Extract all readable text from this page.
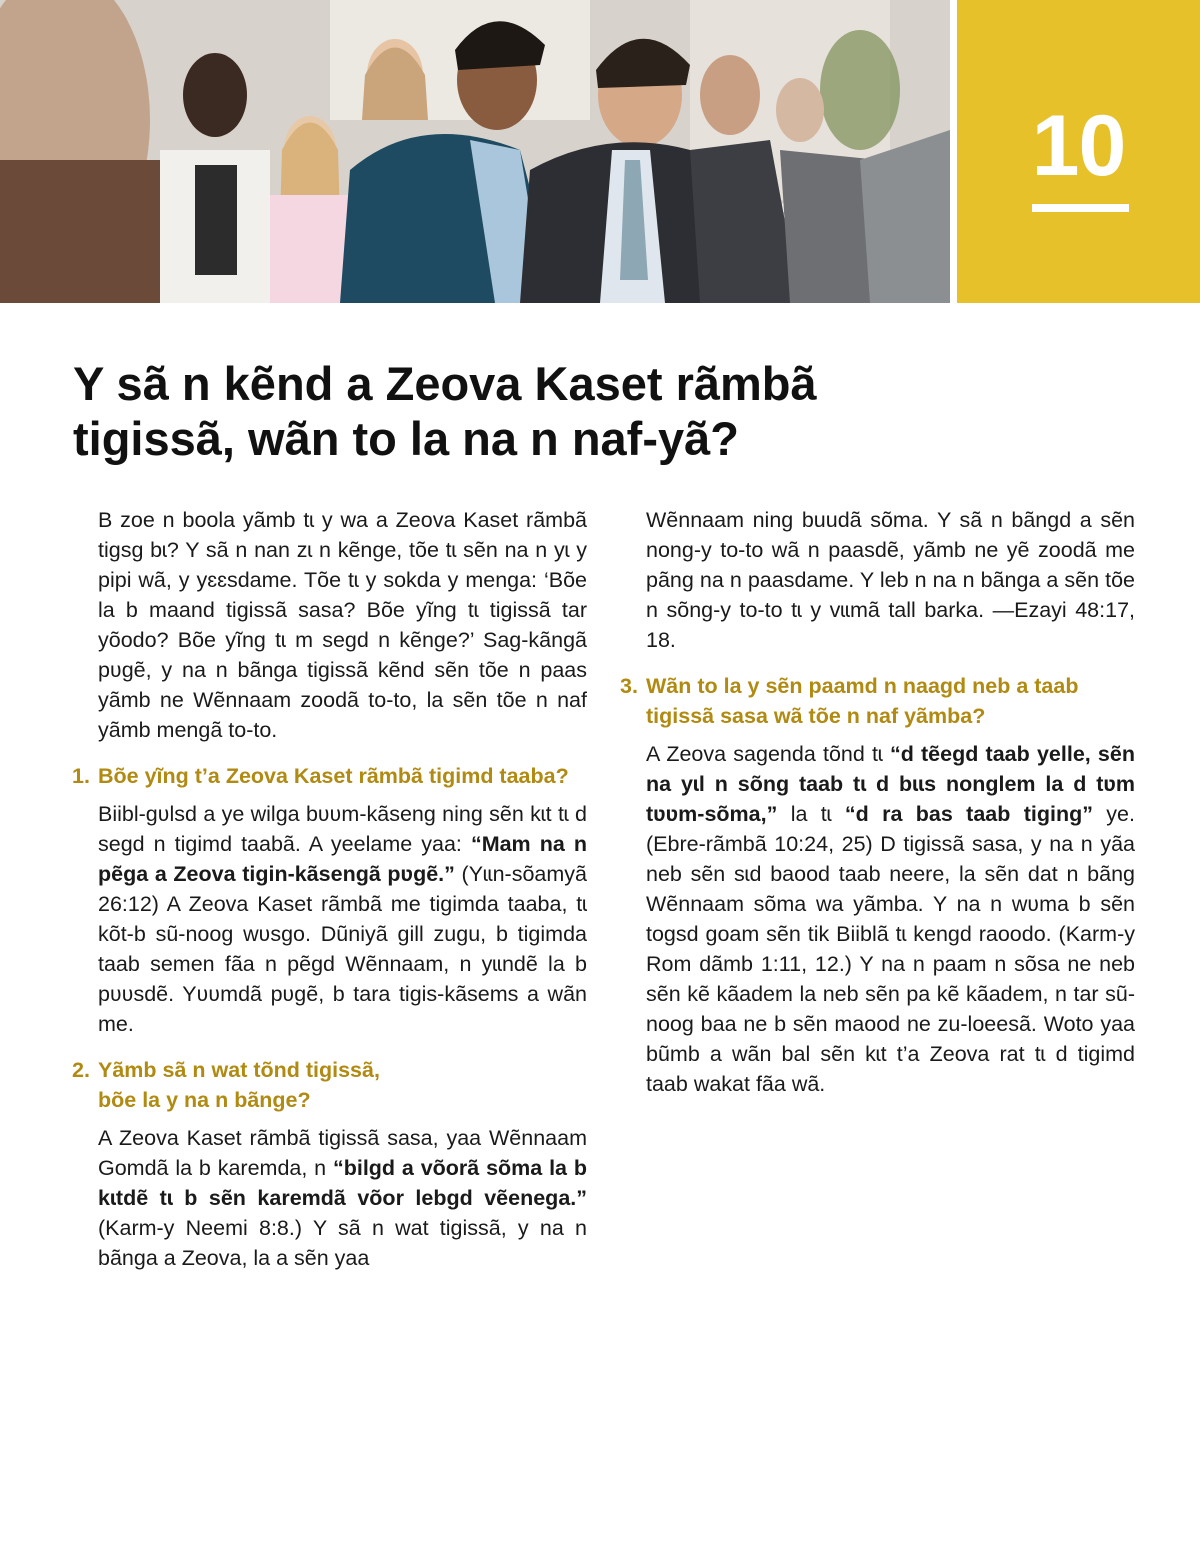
10
Y sã n kẽnd a Zeova Kaset rãmbã tigissã, wãn to la na n naf-yã?

B zoe n boola yãmb tɩ y wa a Zeova Kaset rãmbã tigsg bɩ? Y sã n nan zɩ n kẽnge, tõe tɩ sẽn na n yɩ y pipi wã, y yɛɛsdame. Tõe tɩ y sokda y menga: ‘Bõe la b maand tigissã sasa? Bõe yĩng tɩ tigissã tar yõodo? Bõe yĩng tɩ m segd n kẽnge?’ Sag-kãngã pʋgẽ, y na n bãnga tigissã kẽnd sẽn tõe n paas yãmb ne Wẽnnaam zoodã to-to, la sẽn tõe n naf yãmb mengã to-to.

1. Bõe yĩng t’a Zeova Kaset rãmbã tigimd taaba?

Biibl-gʋlsd a ye wilga bʋʋm-kãseng ning sẽn kɩt tɩ d segd n tigimd taabã. A yeelame yaa: “Mam na n pẽga a Zeova tigin-kãsengã pʋgẽ.” (Yɩɩn-sõamyã 26:12) A Zeova Kaset rãmbã me tigimda taaba, tɩ kõt-b sũ-noog wʋsgo. Dũniyã gill zugu, b tigimda taab semen fãa n pẽgd Wẽnnaam, n yɩɩndẽ la b pʋʋsdẽ. Yʋʋmdã pʋgẽ, b tara tigis-kãsems a wãn me.

2. Yãmb sã n wat tõnd tigissã, bõe la y na n bãnge?

A Zeova Kaset rãmbã tigissã sasa, yaa Wẽnnaam Gomdã la b karemda, n “bilgd a võorã sõma la b kɩtdẽ tɩ b sẽn karemdã võor lebgd vẽenega.” (Karm-y Neemi 8:8.) Y sã n wat tigissã, y na n bãnga a Zeova, la a sẽn yaa

Wẽnnaam ning buudã sõma. Y sã n bãngd a sẽn nong-y to-to wã n paasdẽ, yãmb ne yẽ zoodã me pãng na n paasdame. Y leb n na n bãnga a sẽn tõe n sõng-y to-to tɩ y vɩɩmã tall barka. —Ezayi 48:17, 18.

3. Wãn to la y sẽn paamd n naagd neb a taab tigissã sasa wã tõe n naf yãmba?

A Zeova sagenda tõnd tɩ “d tẽegd taab yelle, sẽn na yɩl n sõng taab tɩ d bɩɩs nonglem la d tʋm tʋʋm-sõma,” la tɩ “d ra bas taab tiging” ye. (Ebre-rãmbã 10:24, 25) D tigissã sasa, y na n yãa neb sẽn sɩd baood taab neere, la sẽn dat n bãng Wẽnnaam sõma wa yãmba. Y na n wʋma b sẽn togsd goam sẽn tik Biiblã tɩ kengd raoodo. (Karm-y Rom dãmb 1:11, 12.) Y na n paam n sõsa ne neb sẽn kẽ kãadem la neb sẽn pa kẽ kãadem, n tar sũ-noog baa ne b sẽn maood ne zu-loeesã. Woto yaa bũmb a wãn bal sẽn kɩt t’a Zeova rat tɩ d tigimd taab wakat fãa wã.
